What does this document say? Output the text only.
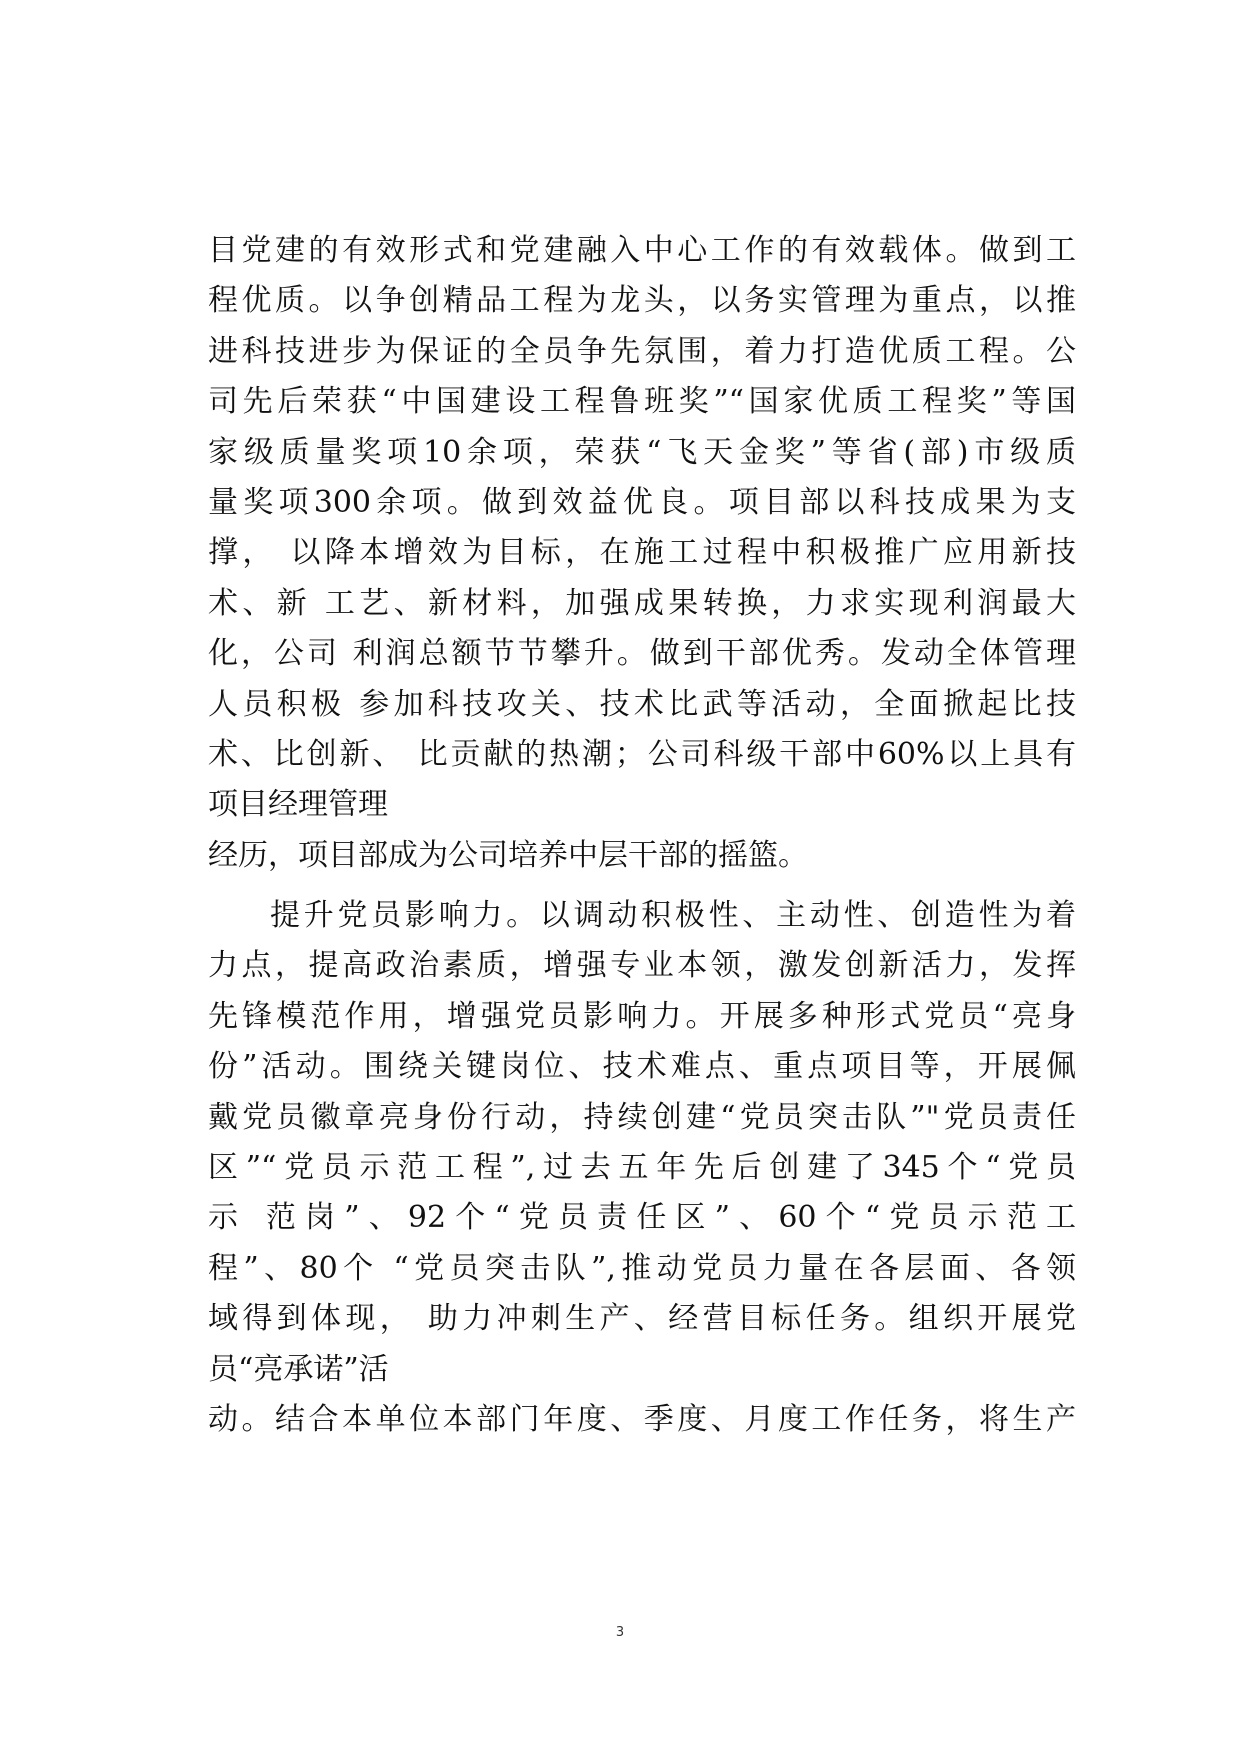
目党建的有效形式和党建融入中心工作的有效载体。做到工
程优质。以争创精品工程为龙头，以务实管理为重点，以推
进科技进步为保证的全员争先氛围，着力打造优质工程。公
司先后荣获“中国建设工程鲁班奖”“国家优质工程奖”等国
家级质量奖项10余项，荣获“飞天金奖”等省(部)市级质
量奖项300余项。做到效益优良。项目部以科技成果为支
撑， 以降本增效为目标，在施工过程中积极推广应用新技
术、新 工艺、新材料，加强成果转换，力求实现利润最大
化，公司 利润总额节节攀升。做到干部优秀。发动全体管理
人员积极 参加科技攻关、技术比武等活动，全面掀起比技
术、比创新、 比贡献的热潮；公司科级干部中60%以上具有
项目经理管理
经历，项目部成为公司培养中层干部的摇篮。
提升党员影响力。以调动积极性、主动性、创造性为着
力点，提高政治素质，增强专业本领，激发创新活力，发挥
先锋模范作用，增强党员影响力。开展多种形式党员“亮身
份”活动。围绕关键岗位、技术难点、重点项目等，开展佩
戴党员徽章亮身份行动，持续创建“党员突击队”"党员责任
区”“党员示范工程”,过去五年先后创建了345个“党员
示 范岗”、92个“党员责任区”、60个“党员示范工
程”、80个 “党员突击队”,推动党员力量在各层面、各领
域得到体现， 助力冲刺生产、经营目标任务。组织开展党
员“亮承诺”活
动。结合本单位本部门年度、季度、月度工作任务，将生产
3
